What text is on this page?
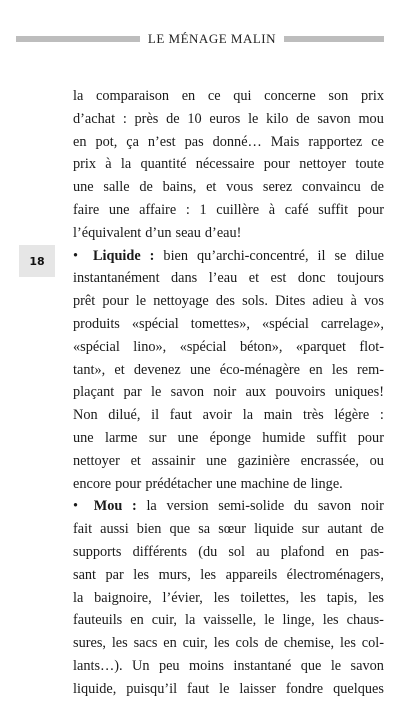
LE MÉNAGE MALIN
18
la comparaison en ce qui concerne son prix
d’achat : près de 10 euros le kilo de savon mou
en pot, ça n’est pas donné… Mais rapportez ce
prix à la quantité nécessaire pour nettoyer toute
une salle de bains, et vous serez convaincu de
faire une affaire : 1 cuillère à café suffit pour
l’équivalent d’un seau d’eau!
• Liquide : bien qu’archi-concentré, il se dilue
instantanément dans l’eau et est donc toujours
prêt pour le nettoyage des sols. Dites adieu à vos
produits «spécial tomettes», «spécial carrelage»,
«spécial lino», «spécial béton», «parquet flot-
tant», et devenez une éco-ménagère en les rem-
plaçant par le savon noir aux pouvoirs uniques!
Non dilué, il faut avoir la main très légère :
une larme sur une éponge humide suffit pour
nettoyer et assainir une gazinière encrassée, ou
encore pour prédétacher une machine de linge.
• Mou : la version semi-solide du savon noir
fait aussi bien que sa sœur liquide sur autant de
supports différents (du sol au plafond en pas-
sant par les murs, les appareils électroménagers,
la baignoire, l’évier, les toilettes, les tapis, les
fauteuils en cuir, la vaisselle, le linge, les chaus-
sures, les sacs en cuir, les cols de chemise, les col-
lants…). Un peu moins instantané que le savon
liquide, puisqu’il faut le laisser fondre quelques
